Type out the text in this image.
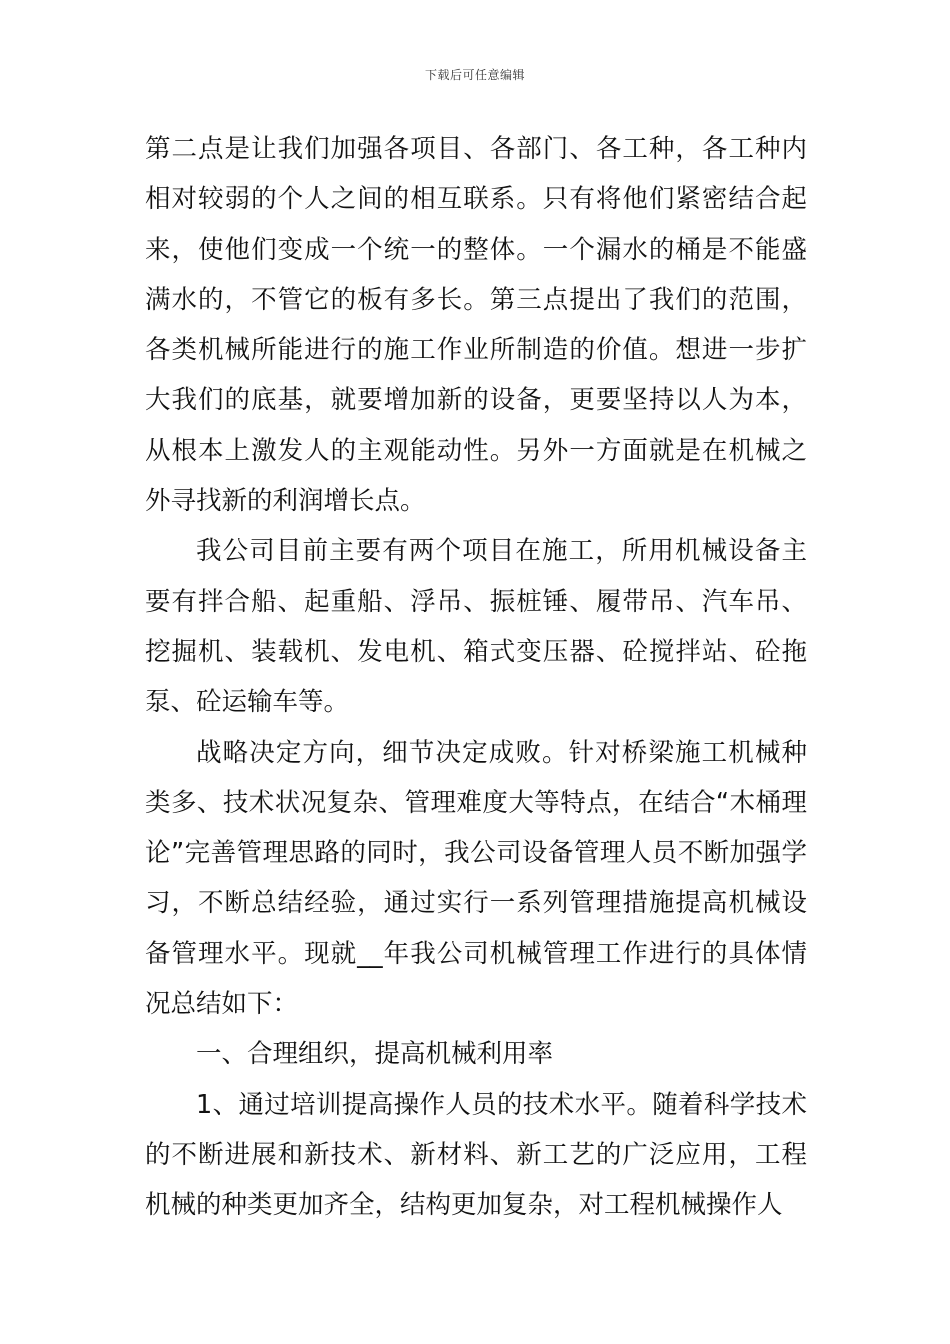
下载后可任意编辑

第二点是让我们加强各项目、各部门、各工种，各工种内相对较弱的个人之间的相互联系。只有将他们紧密结合起来，使他们变成一个统一的整体。一个漏水的桶是不能盛满水的，不管它的板有多长。第三点提出了我们的范围，各类机械所能进行的施工作业所制造的价值。想进一步扩大我们的底基，就要增加新的设备，更要坚持以人为本，从根本上激发人的主观能动性。另外一方面就是在机械之外寻找新的利润增长点。

我公司目前主要有两个项目在施工，所用机械设备主要有拌合船、起重船、浮吊、振桩锤、履带吊、汽车吊、挖掘机、装载机、发电机、箱式变压器、砼搅拌站、砼拖泵、砼运输车等。

战略决定方向，细节决定成败。针对桥梁施工机械种类多、技术状况复杂、管理难度大等特点，在结合“木桶理论”完善管理思路的同时，我公司设备管理人员不断加强学习，不断总结经验，通过实行一系列管理措施提高机械设备管理水平。现就__年我公司机械管理工作进行的具体情况总结如下：

一、合理组织，提高机械利用率

1、通过培训提高操作人员的技术水平。随着科学技术的不断进展和新技术、新材料、新工艺的广泛应用，工程机械的种类更加齐全，结构更加复杂，对工程机械操作人
